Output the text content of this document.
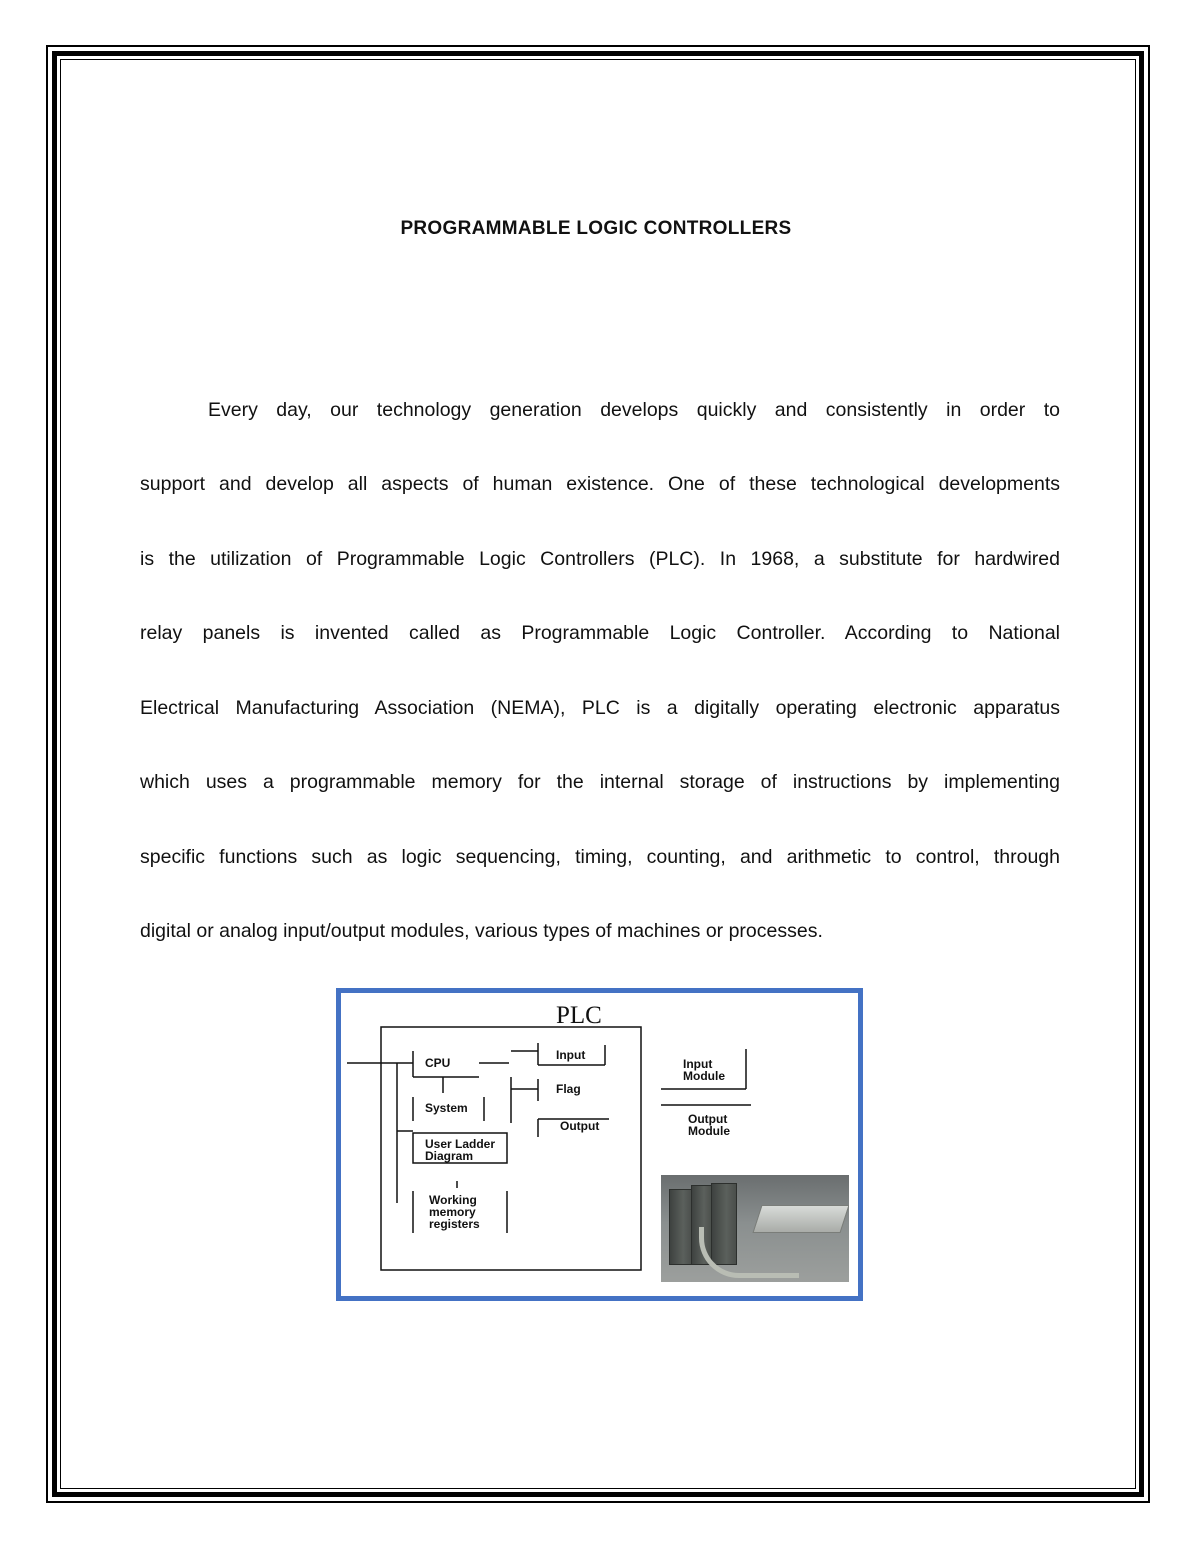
PROGRAMMABLE LOGIC CONTROLLERS
Every day, our technology generation develops quickly and consistently in order to
support and develop all aspects of human existence. One of these technological developments
is the utilization of Programmable Logic Controllers (PLC). In 1968, a substitute for hardwired
relay panels is invented called as Programmable Logic Controller. According to National
Electrical Manufacturing Association (NEMA), PLC is a digitally operating electronic apparatus
which uses a programmable memory for the internal storage of instructions by implementing
specific functions such as logic sequencing, timing, counting, and arithmetic to control, through
digital or analog input/output modules, various types of machines or processes.
PLC
CPU
Input
Flag
System
Output
User Ladder
Diagram
Working
memory
registers
Input
Module
Output
Module
